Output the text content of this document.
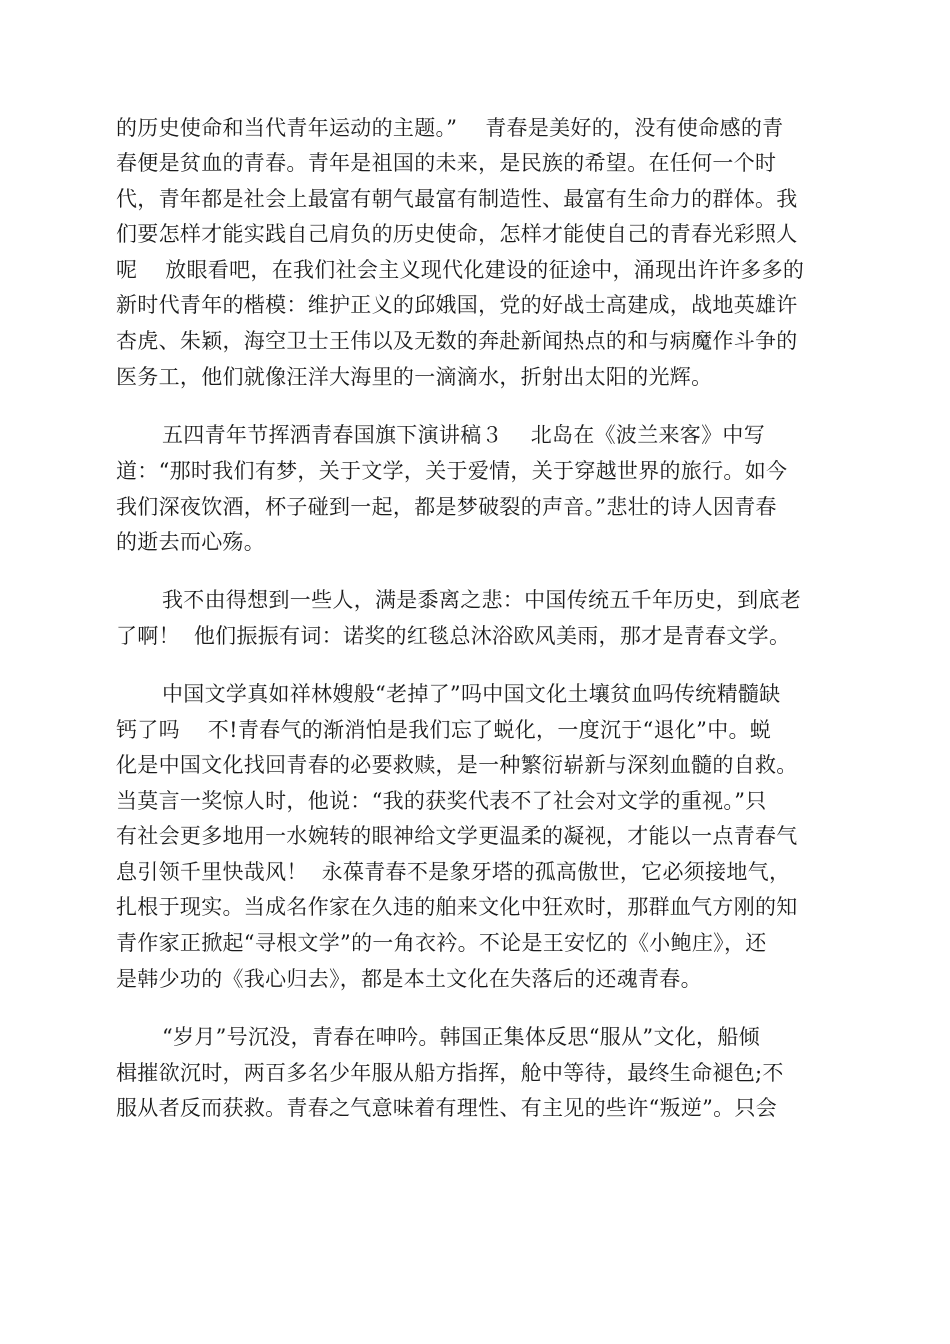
的历史使命和当代青年运动的主题。”    青春是美好的，没有使命感的青
春便是贫血的青春。青年是祖国的未来，是民族的希望。在任何一个时
代，青年都是社会上最富有朝气最富有制造性、最富有生命力的群体。我
们要怎样才能实践自己肩负的历史使命，怎样才能使自己的青春光彩照人
呢    放眼看吧，在我们社会主义现代化建设的征途中，涌现出许许多多的
新时代青年的楷模：维护正义的邱娥国，党的好战士高建成，战地英雄许
杏虎、朱颖，海空卫士王伟以及无数的奔赴新闻热点的和与病魔作斗争的
医务工，他们就像汪洋大海里的一滴滴水，折射出太阳的光辉。
五四青年节挥洒青春国旗下演讲稿３    北岛在《波兰来客》中写
道：“那时我们有梦，关于文学，关于爱情，关于穿越世界的旅行。如今
我们深夜饮酒，杯子碰到一起，都是梦破裂的声音。”悲壮的诗人因青春
的逝去而心殇。
我不由得想到一些人，满是黍离之悲：中国传统五千年历史，到底老
了啊！  他们振振有词：诺奖的红毯总沐浴欧风美雨，那才是青春文学。
中国文学真如祥林嫂般“老掉了”吗中国文化土壤贫血吗传统精髓缺
钙了吗    不!青春气的渐消怕是我们忘了蜕化，一度沉于“退化”中。蜕
化是中国文化找回青春的必要救赎，是一种繁衍崭新与深刻血髓的自救。
当莫言一奖惊人时，他说：“我的获奖代表不了社会对文学的重视。”只
有社会更多地用一水婉转的眼神给文学更温柔的凝视，才能以一点青春气
息引领千里快哉风！  永葆青春不是象牙塔的孤高傲世，它必须接地气，
扎根于现实。当成名作家在久违的舶来文化中狂欢时，那群血气方刚的知
青作家正掀起“寻根文学”的一角衣衿。不论是王安忆的《小鲍庄》，还
是韩少功的《我心归去》，都是本土文化在失落后的还魂青春。
“岁月”号沉没，青春在呻吟。韩国正集体反思“服从”文化，船倾
楫摧欲沉时，两百多名少年服从船方指挥，舱中等待，最终生命褪色;不
服从者反而获救。青春之气意味着有理性、有主见的些许“叛逆”。只会
